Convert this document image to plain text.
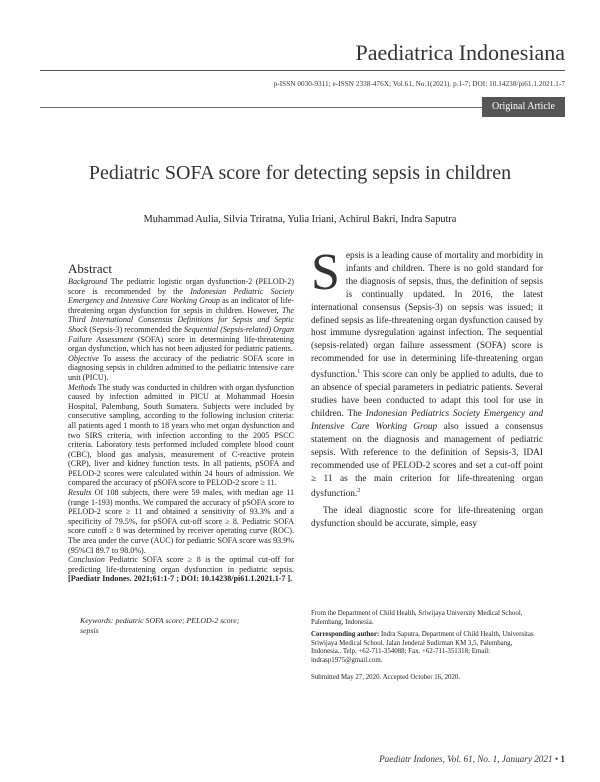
Paediatrica Indonesiana
p-ISSN 0030-9311; e-ISSN 2338-476X; Vol.61, No.1(2021). p.1-7; DOI: 10.14238/pi61.1.2021.1-7
Original Article
Pediatric SOFA score for detecting sepsis in children
Muhammad Aulia, Silvia Triratna, Yulia Iriani, Achirul Bakri, Indra Saputra
Abstract

Background The pediatric logistic organ dysfunction-2 (PELOD-2) score is recommended by the Indonesian Pediatric Society Emergency and Intensive Care Working Group as an indicator of life-threatening organ dysfunction for sepsis in children. However, The Third International Consensus Definitions for Sepsis and Septic Shock (Sepsis-3) recommended the Sequential (Sepsis-related) Organ Failure Assessment (SOFA) score in determining life-threatening organ dysfunction, which has not been adjusted for pediatric patients.

Objective To assess the accuracy of the pediatric SOFA score in diagnosing sepsis in children admitted to the pediatric intensive care unit (PICU).

Methods The study was conducted in children with organ dysfunction caused by infection admitted in PICU at Mohammad Hoesin Hospital, Palembang, South Sumatera. Subjects were included by consecutive sampling, according to the following inclusion criteria: all patients aged 1 month to 18 years who met organ dysfunction and two SIRS criteria, with infection according to the 2005 PSCC criteria. Laboratory tests performed included complete blood count (CBC), blood gas analysis, measurement of C-reactive protein (CRP), liver and kidney function tests. In all patients, pSOFA and PELOD-2 scores were calculated within 24 hours of admission. We compared the accuracy of pSOFA score to PELOD-2 score ≥ 11.

Results Of 108 subjects, there were 59 males, with median age 11 (range 1-193) months. We compared the accuracy of pSOFA score to PELOD-2 score ≥ 11 and obtained a sensitivity of 93.3% and a specificity of 79.5%, for pSOFA cut-off score ≥ 8. Pediatric SOFA score cutoff ≥ 8 was determined by receiver operating curve (ROC). The area under the curve (AUC) for pediatric SOFA score was 93.9% (95%CI 89.7 to 98.0%).

Conclusion Pediatric SOFA score ≥ 8 is the optimal cut-off for predicting life-threatening organ dysfunction in pediatric sepsis. [Paediatr Indones. 2021;61:1-7 ; DOI: 10.14238/pi61.1.2021.1-7 ].

Keywords: pediatric SOFA score; PELOD-2 score;
sepsis
S epsis is a leading cause of mortality and morbidity in infants and children. There is no gold standard for the diagnosis of sepsis, thus, the definition of sepsis is continually updated. In 2016, the latest international consensus (Sepsis-3) on sepsis was issued; it defined sepsis as life-threatening organ dysfunction caused by host immune dysregulation against infection. The sequential (sepsis-related) organ failure assessment (SOFA) score is recommended for use in determining life-threatening organ dysfunction.$^1$ This score can only be applied to adults, due to an absence of special parameters in pediatric patients. Several studies have been conducted to adapt this tool for use in children. The Indonesian Pediatrics Society Emergency and Intensive Care Working Group also issued a consensus statement on the diagnosis and management of pediatric sepsis. With reference to the definition of Sepsis-3, IDAI recommended use of PELOD-2 scores and set a cut-off point ≥ 11 as the main criterion for life-threatening organ dysfunction.$^2$

The ideal diagnostic score for life-threatening organ dysfunction should be accurate, simple, easy

From the Department of Child Health, Sriwijaya University Medical School, Palembang, Indonesia.

Corresponding author: Indra Saputra, Department of Child Health, Universitas Sriwijaya Medical School. Jalan Jenderal Sudirman KM 3,5, Palembang, Indonesia.. Telp. +62-711-354088; Fax. +62-711-351318; Email: indrasp1975@gmail.com.

Submitted May 27, 2020. Accepted October 16, 2020.

Paediatr Indones, Vol. 61, No. 1, January 2021 • 1
